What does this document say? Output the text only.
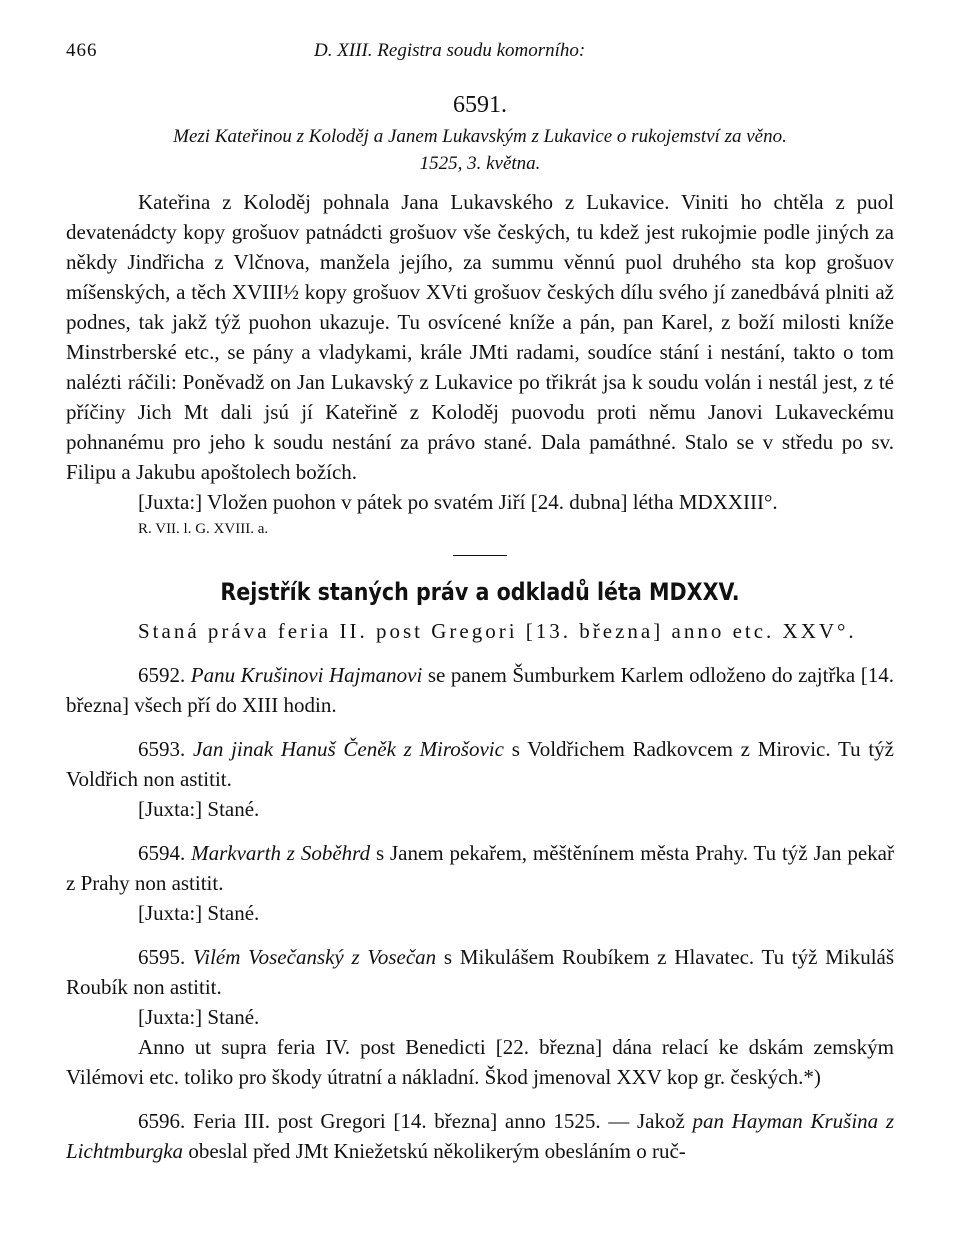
466	D. XIII. Registra soudu komorního:
6591.
Mezi Kateřinou z Koloděj a Janem Lukavským z Lukavice o rukojemství za věno.
1525, 3. května.

Kateřina z Koloděj pohnala Jana Lukavského z Lukavice. Viniti ho chtěla z puol devatenádcty kopy grošuov patnádcti grošuov vše českých, tu kdež jest rukojmie podle jiných za někdy Jindřicha z Vlčnova, manžela jejího, za summu věnnú puol druhého sta kop grošuov míšenských, a těch XVIII½ kopy grošuov XVti grošuov českých dílu svého jí zanedbává plniti až podnes, tak jakž týž puohon ukazuje. Tu osvícené kníže a pán, pan Karel, z boží milosti kníže Minstrberské etc., se pány a vladykami, krále JMti radami, soudíce stání i nestání, takto o tom nalézti ráčili: Poněvadž on Jan Lukavský z Lukavice po třikrát jsa k soudu volán i nestál jest, z té příčiny Jich Mt dali jsú jí Kateřině z Koloděj puovodu proti němu Janovi Lukaveckému pohnanému pro jeho k soudu nestání za právo stané. Dala památhné. Stalo se v středu po sv. Filipu a Jakubu apoštolech božích.

[Juxta:] Vložen puohon v pátek po svatém Jiří [24. dubna] létha MDXXIII°.

R. VII. l. G. XVIII. a.

Rejstřík staných práv a odkladů léta MDXXV.

Staná práva feria II. post Gregori [13. března] anno etc. XXV°.

6592. Panu Krušinovi Hajmanovi se panem Šumburkem Karlem odloženo do zajtřka [14. března] všech pří do XIII hodin.

6593. Jan jinak Hanuš Čeněk z Mirošovic s Voldřichem Radkovcem z Mirovic. Tu týž Voldřich non astitit.

[Juxta:] Stané.

6594. Markvarth z Soběhrd s Janem pekařem, měštěnínem města Prahy. Tu týž Jan pekař z Prahy non astitit.

[Juxta:] Stané.

6595. Vilém Vosečanský z Vosečan s Mikulášem Roubíkem z Hlavatec. Tu týž Mikuláš Roubík non astitit.

[Juxta:] Stané.

Anno ut supra feria IV. post Benedicti [22. března] dána relací ke dskám zemským Vilémovi etc. toliko pro škody útratní a nákladní. Škod jmenoval XXV kop gr. českých.*)

6596. Feria III. post Gregori [14. března] anno 1525. — Jakož pan Hayman Krušina z Lichtmburgka obeslal před JMt Kniežetskú několikerým obesláním o ruč-
